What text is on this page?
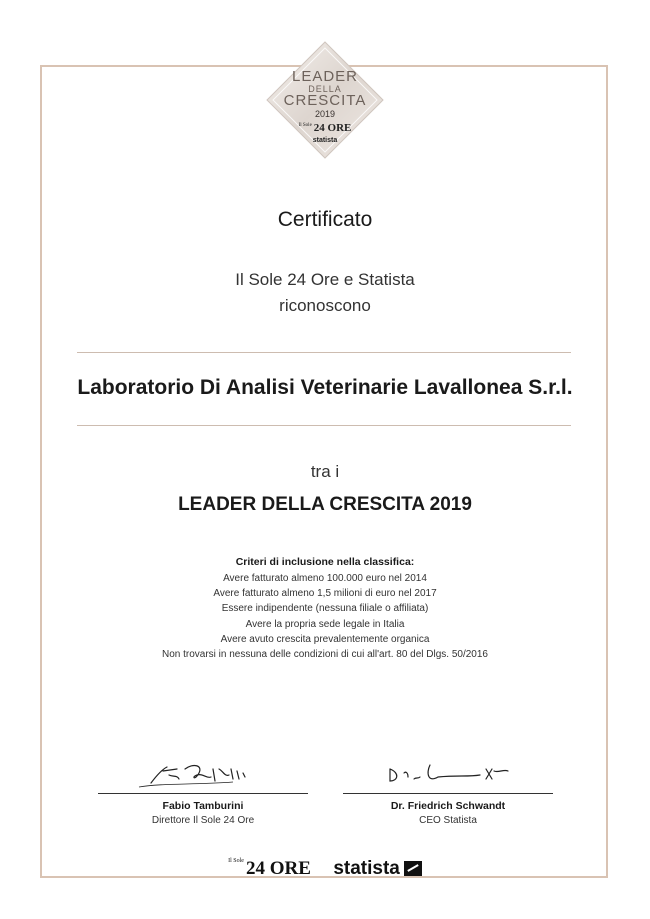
LEADER
DELLA
CRESCITA
2019
$^{Il Sole}$ 24 ORE
statista
Certificato
Il Sole 24 Ore e Statista
riconoscono
Laboratorio Di Analisi Veterinarie Lavallonea S.r.l.
tra i
LEADER DELLA CRESCITA 2019
Criteri di inclusione nella classifica:
Avere fatturato almeno 100.000 euro nel 2014
Avere fatturato almeno 1,5 milioni di euro nel 2017
Essere indipendente (nessuna filiale o affiliata)
Avere la propria sede legale in Italia
Avere avuto crescita prevalentemente organica
Non trovarsi in nessuna delle condizioni di cui all'art. 80 del Dlgs. 50/2016
Fabio Tamburini
Direttore Il Sole 24 Ore
Dr. Friedrich Schwandt
CEO Statista
$^{Il Sole}$ 24 ORE statista
